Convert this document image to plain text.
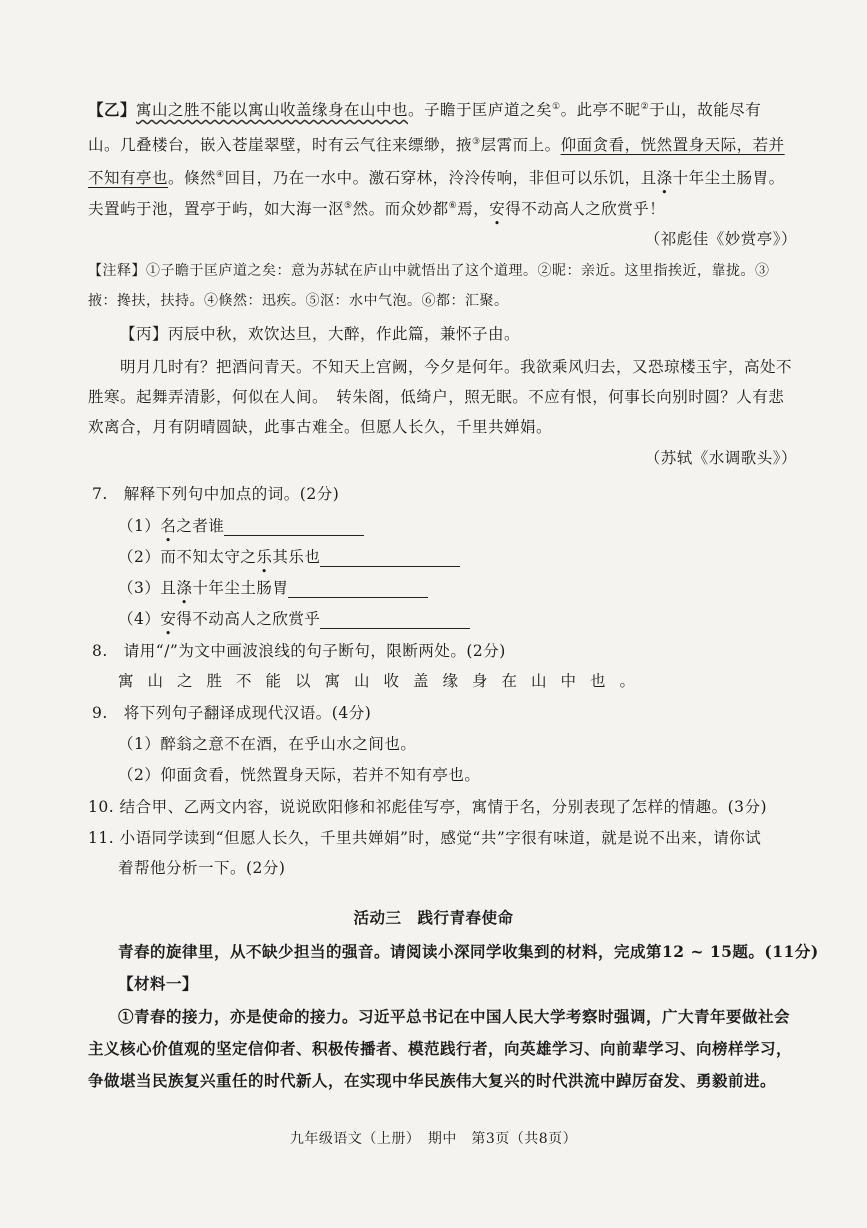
【乙】寓山之胜不能以寓山收盖缘身在山中也。子瞻于匡庐道之矣①。此亭不昵②于山，故能尽有
山。几叠楼台，嵌入苍崖翠壁，时有云气往来缥缈，掖③层霄而上。仰面贪看，恍然置身天际，若并
不知有亭也。倏然④回目，乃在一水中。激石穿林，泠泠传响，非但可以乐饥，且涤十年尘土肠胃。
夫置屿于池，置亭于屿，如大海一沤⑤然。而众妙都⑥焉，安得不动高人之欣赏乎！
（祁彪佳《妙赏亭》）
【注释】①子瞻于匡庐道之矣：意为苏轼在庐山中就悟出了这个道理。②昵：亲近。这里指挨近，靠拢。③
掖：搀扶，扶持。④倏然：迅疾。⑤沤：水中气泡。⑥都：汇聚。
【丙】丙辰中秋，欢饮达旦，大醉，作此篇，兼怀子由。
明月几时有？把酒问青天。不知天上宫阙，今夕是何年。我欲乘风归去，又恐琼楼玉宇，高处不
胜寒。起舞弄清影，何似在人间。　转朱阁，低绮户，照无眠。不应有恨，何事长向别时圆？人有悲
欢离合，月有阴晴圆缺，此事古难全。但愿人长久，千里共婵娟。
（苏轼《水调歌头》）
7.　解释下列句中加点的词。(2分)
（1）名之者谁
（2）而不知太守之乐其乐也
（3）且涤十年尘土肠胃
（4）安得不动高人之欣赏乎
8.　请用“/”为文中画波浪线的句子断句，限断两处。(2分)
寓山之胜不能以寓山收盖缘身在山中也。
9.　将下列句子翻译成现代汉语。(4分)
（1）醉翁之意不在酒，在乎山水之间也。
（2）仰面贪看，恍然置身天际，若并不知有亭也。
10. 结合甲、乙两文内容，说说欧阳修和祁彪佳写亭，寓情于名，分别表现了怎样的情趣。(3分)
11. 小语同学读到“但愿人长久，千里共婵娟”时，感觉“共”字很有味道，就是说不出来，请你试
着帮他分析一下。(2分)
活动三　践行青春使命
青春的旋律里，从不缺少担当的强音。请阅读小深同学收集到的材料，完成第12 ~ 15题。(11分)
【材料一】
①青春的接力，亦是使命的接力。习近平总书记在中国人民大学考察时强调，广大青年要做社会
主义核心价值观的坚定信仰者、积极传播者、模范践行者，向英雄学习、向前辈学习、向榜样学习，
争做堪当民族复兴重任的时代新人，在实现中华民族伟大复兴的时代洪流中踔厉奋发、勇毅前进。
九年级语文（上册）　期中　第3页（共8页）
